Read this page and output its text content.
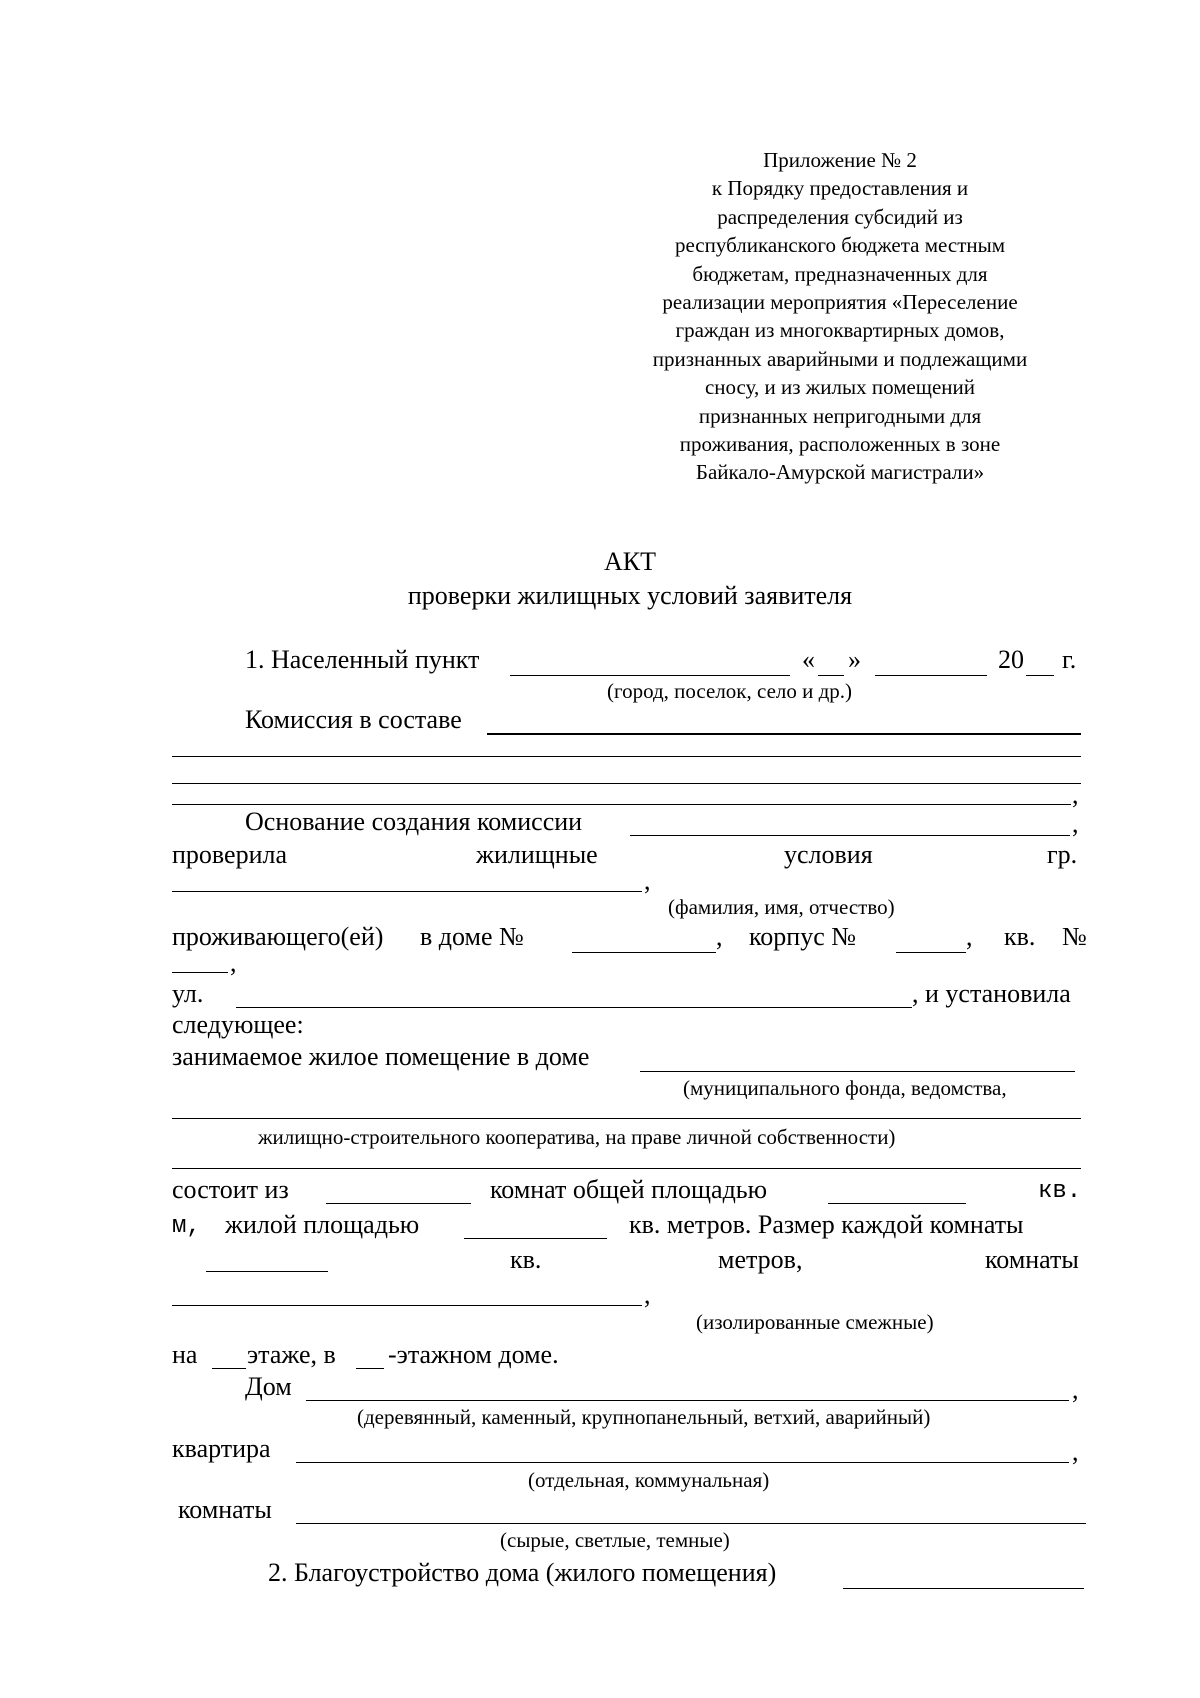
Приложение № 2
к Порядку предоставления и
распределения субсидий из
республиканского бюджета местным
бюджетам, предназначенных для
реализации мероприятия «Переселение
граждан из многоквартирных домов,
признанных аварийными и подлежащими
сносу, и из жилых помещений
признанных непригодными для
проживания, расположенных в зоне
Байкало-Амурской магистрали»
АКТ
проверки жилищных условий заявителя
1. Населенный пункт	« »	20 г.
(город, поселок, село и др.)
Комиссия в составе
,
Основание создания комиссии	,
проверила	жилищные	условия	гр.
,
(фамилия, имя, отчество)
проживающего(ей) в доме №	, корпус №	, кв. №
,
ул.	, и установила
следующее:
занимаемое жилое помещение в доме
(муниципального фонда, ведомства,
жилищно-строительного кооператива, на праве личной собственности)
состоит из	комнат общей площадью	кв.
м, жилой площадью	кв. метров. Размер каждой комнаты
кв.	метров,	комнаты
,
(изолированные смежные)
на этаже, в -этажном доме.
Дом	,
(деревянный, каменный, крупнопанельный, ветхий, аварийный)
квартира	,
(отдельная, коммунальная)
комнаты
(сырые, светлые, темные)
2. Благоустройство дома (жилого помещения)
